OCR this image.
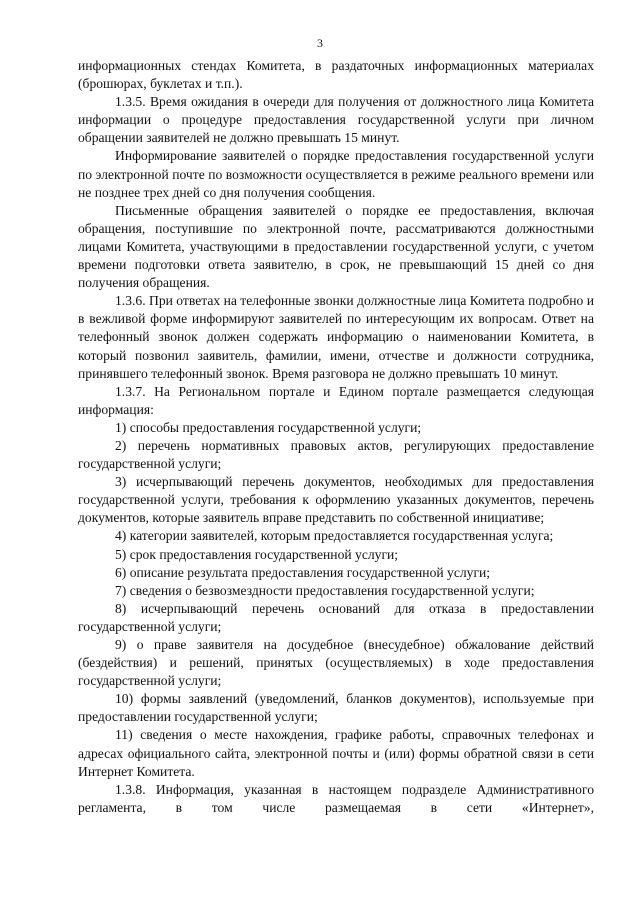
3

информационных стендах Комитета, в раздаточных информационных материалах (брошюрах, буклетах и т.п.).

1.3.5. Время ожидания в очереди для получения от должностного лица Комитета информации о процедуре предоставления государственной услуги при личном обращении заявителей не должно превышать 15 минут.

Информирование заявителей о порядке предоставления государственной услуги по электронной почте по возможности осуществляется в режиме реального времени или не позднее трех дней со дня получения сообщения.

Письменные обращения заявителей о порядке ее предоставления, включая обращения, поступившие по электронной почте, рассматриваются должностными лицами Комитета, участвующими в предоставлении государственной услуги, с учетом времени подготовки ответа заявителю, в срок, не превышающий 15 дней со дня получения обращения.

1.3.6. При ответах на телефонные звонки должностные лица Комитета подробно и в вежливой форме информируют заявителей по интересующим их вопросам. Ответ на телефонный звонок должен содержать информацию о наименовании Комитета, в который позвонил заявитель, фамилии, имени, отчестве и должности сотрудника, принявшего телефонный звонок. Время разговора не должно превышать 10 минут.

1.3.7. На Региональном портале и Едином портале размещается следующая информация:

1) способы предоставления государственной услуги;

2) перечень нормативных правовых актов, регулирующих предоставление государственной услуги;

3) исчерпывающий перечень документов, необходимых для предоставления государственной услуги, требования к оформлению указанных документов, перечень документов, которые заявитель вправе представить по собственной инициативе;

4) категории заявителей, которым предоставляется государственная услуга;

5) срок предоставления государственной услуги;

6) описание результата предоставления государственной услуги;

7) сведения о безвозмездности предоставления государственной услуги;

8) исчерпывающий перечень оснований для отказа в предоставлении государственной услуги;

9) о праве заявителя на досудебное (внесудебное) обжалование действий (бездействия) и решений, принятых (осуществляемых) в ходе предоставления государственной услуги;

10) формы заявлений (уведомлений, бланков документов), используемые при предоставлении государственной услуги;

11) сведения о месте нахождения, графике работы, справочных телефонах и адресах официального сайта, электронной почты и (или) формы обратной связи в сети Интернет Комитета.

1.3.8. Информация, указанная в настоящем подразделе Административного регламента, в том числе размещаемая в сети «Интернет»,
